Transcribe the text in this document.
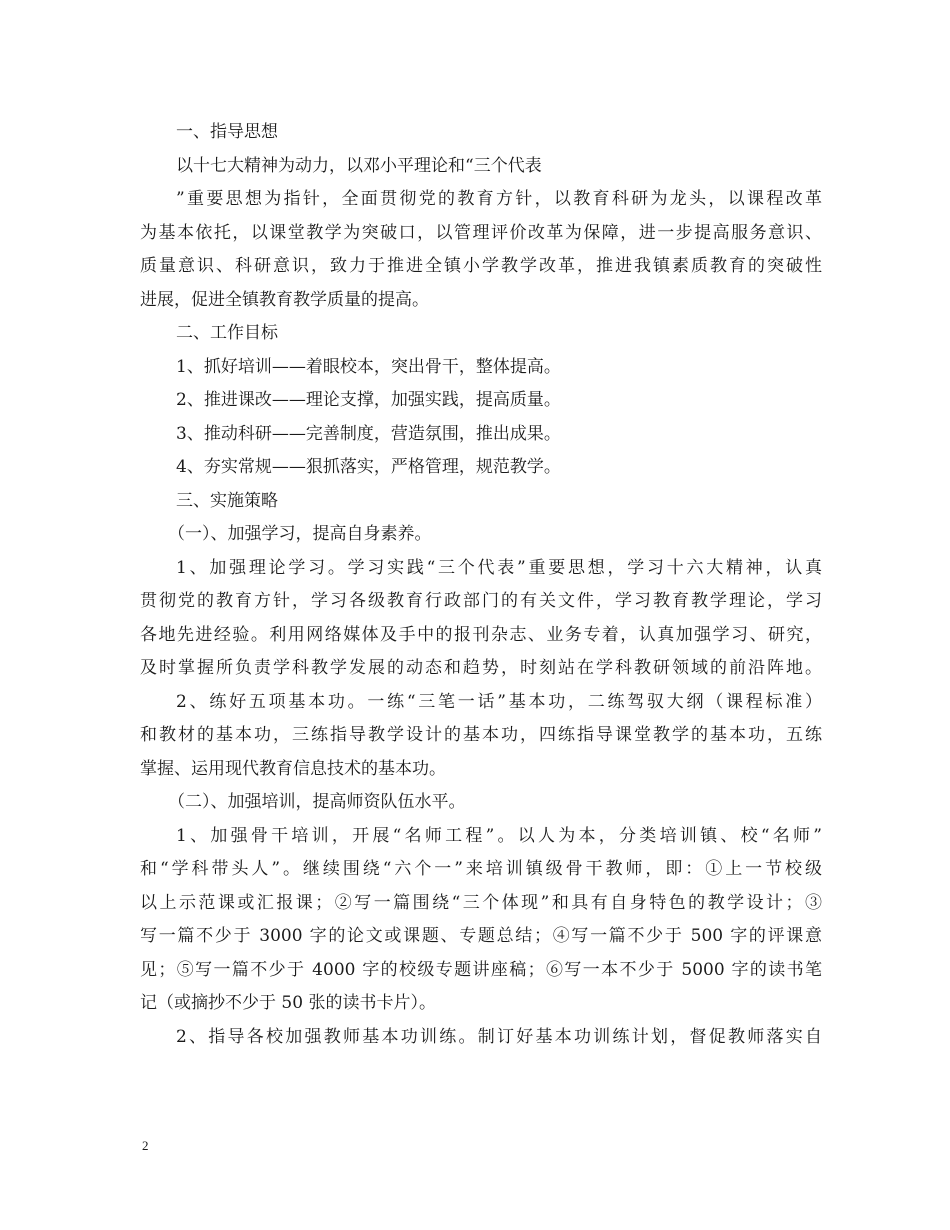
一、指导思想
以十七大精神为动力，以邓小平理论和“三个代表
”重要思想为指针，全面贯彻党的教育方针，以教育科研为龙头，以课程改革
为基本依托，以课堂教学为突破口，以管理评价改革为保障，进一步提高服务意识、
质量意识、科研意识，致力于推进全镇小学教学改革，推进我镇素质教育的突破性
进展，促进全镇教育教学质量的提高。
二、工作目标
1、抓好培训——着眼校本，突出骨干，整体提高。
2、推进课改——理论支撑，加强实践，提高质量。
3、推动科研——完善制度，营造氛围，推出成果。
4、夯实常规——狠抓落实，严格管理，规范教学。
三、实施策略
（一）、加强学习，提高自身素养。
1、加强理论学习。学习实践“三个代表”重要思想，学习十六大精神，认真
贯彻党的教育方针，学习各级教育行政部门的有关文件，学习教育教学理论，学习
各地先进经验。利用网络媒体及手中的报刊杂志、业务专着，认真加强学习、研究，
及时掌握所负责学科教学发展的动态和趋势，时刻站在学科教研领域的前沿阵地。
2、练好五项基本功。一练“三笔一话”基本功，二练驾驭大纲（课程标准）
和教材的基本功，三练指导教学设计的基本功，四练指导课堂教学的基本功，五练
掌握、运用现代教育信息技术的基本功。
（二）、加强培训，提高师资队伍水平。
1、加强骨干培训，开展“名师工程”。以人为本，分类培训镇、校“名师”
和“学科带头人”。继续围绕“六个一”来培训镇级骨干教师，即：①上一节校级
以上示范课或汇报课；②写一篇围绕“三个体现”和具有自身特色的教学设计；③
写一篇不少于 3000 字的论文或课题、专题总结；④写一篇不少于 500 字的评课意
见；⑤写一篇不少于 4000 字的校级专题讲座稿；⑥写一本不少于 5000 字的读书笔
记（或摘抄不少于 50 张的读书卡片）。
2、指导各校加强教师基本功训练。制订好基本功训练计划，督促教师落实自
2
